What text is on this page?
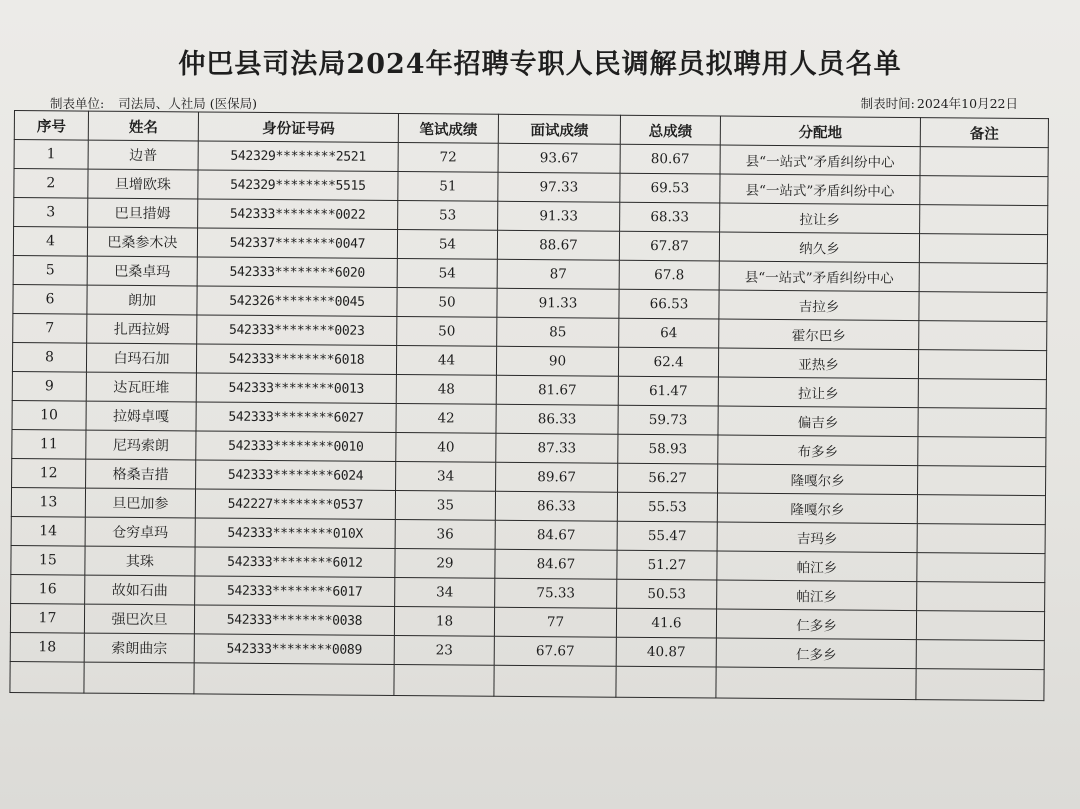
仲巴县司法局2024年招聘专职人民调解员拟聘用人员名单
制表单位: 司法局、人社局 (医保局)	制表时间: 2024年10月22日
序号	姓名	身份证号码	笔试成绩	面试成绩	总成绩	分配地	备注
1	边普	542329********2521	72	93.67	80.67	县“一站式”矛盾纠纷中心	
2	旦增欧珠	542329********5515	51	97.33	69.53	县“一站式”矛盾纠纷中心	
3	巴旦措姆	542333********0022	53	91.33	68.33	拉让乡	
4	巴桑参木决	542337********0047	54	88.67	67.87	纳久乡	
5	巴桑卓玛	542333********6020	54	87	67.8	县“一站式”矛盾纠纷中心	
6	朗加	542326********0045	50	91.33	66.53	吉拉乡	
7	扎西拉姆	542333********0023	50	85	64	霍尔巴乡	
8	白玛石加	542333********6018	44	90	62.4	亚热乡	
9	达瓦旺堆	542333********0013	48	81.67	61.47	拉让乡	
10	拉姆卓嘎	542333********6027	42	86.33	59.73	偏吉乡	
11	尼玛索朗	542333********0010	40	87.33	58.93	布多乡	
12	格桑吉措	542333********6024	34	89.67	56.27	隆嘎尔乡	
13	旦巴加参	542227********0537	35	86.33	55.53	隆嘎尔乡	
14	仓穷卓玛	542333********010X	36	84.67	55.47	吉玛乡	
15	其珠	542333********6012	29	84.67	51.27	帕江乡	
16	故如石曲	542333********6017	34	75.33	50.53	帕江乡	
17	强巴次旦	542333********0038	18	77	41.6	仁多乡	
18	索朗曲宗	542333********0089	23	67.67	40.87	仁多乡	
